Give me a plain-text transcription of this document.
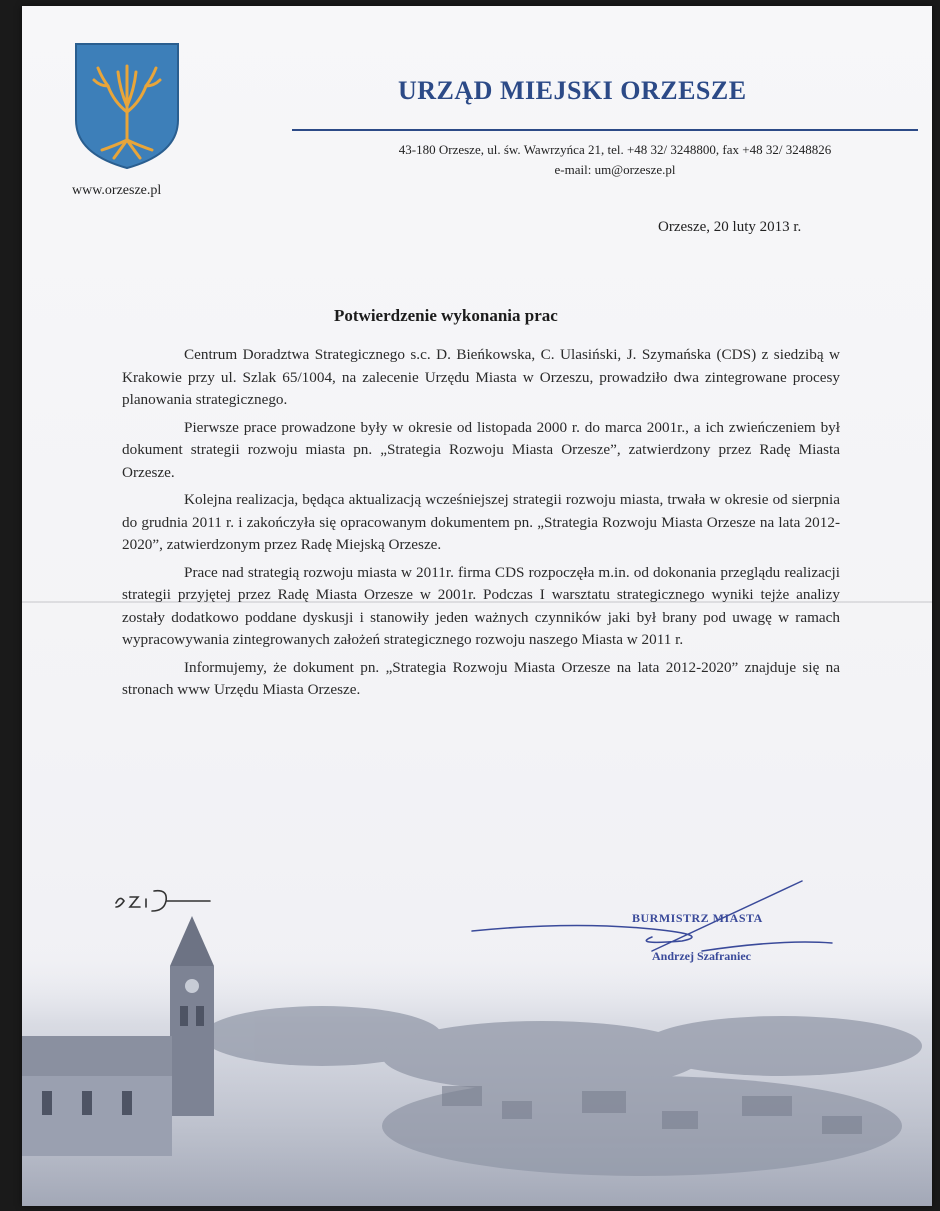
www.orzesze.pl
URZĄD MIEJSKI ORZESZE
43-180 Orzesze, ul. św. Wawrzyńca 21, tel. +48 32/ 3248800, fax +48 32/ 3248826
e-mail: um@orzesze.pl
Orzesze, 20 luty 2013 r.
Potwierdzenie wykonania prac

Centrum Doradztwa Strategicznego s.c. D. Bieńkowska, C. Ulasiński, J. Szymańska (CDS) z siedzibą w Krakowie przy ul. Szlak 65/1004, na zalecenie Urzędu Miasta w Orzeszu, prowadziło dwa zintegrowane procesy planowania strategicznego.

Pierwsze prace prowadzone były w okresie od listopada 2000 r. do marca 2001r., a ich zwieńczeniem był dokument strategii rozwoju miasta pn. „Strategia Rozwoju Miasta Orzesze”, zatwierdzony przez Radę Miasta Orzesze.

Kolejna realizacja, będąca aktualizacją wcześniejszej strategii rozwoju miasta, trwała w okresie od sierpnia do grudnia 2011 r. i zakończyła się opracowanym dokumentem pn. „Strategia Rozwoju Miasta Orzesze na lata 2012- 2020”, zatwierdzonym przez Radę Miejską Orzesze.

Prace nad strategią rozwoju miasta w 2011r. firma CDS rozpoczęła m.in. od dokonania przeglądu realizacji strategii przyjętej przez Radę Miasta Orzesze w 2001r. Podczas I warsztatu strategicznego wyniki tejże analizy zostały dodatkowo poddane dyskusji i stanowiły jeden ważnych czynników jaki był brany pod uwagę w ramach wypracowywania zintegrowanych założeń strategicznego rozwoju naszego Miasta w 2011 r.

Informujemy, że dokument pn. „Strategia Rozwoju Miasta Orzesze na lata 2012-2020” znajduje się na stronach www Urzędu Miasta Orzesze.

BURMISTRZ MIASTA
Andrzej Szafraniec
